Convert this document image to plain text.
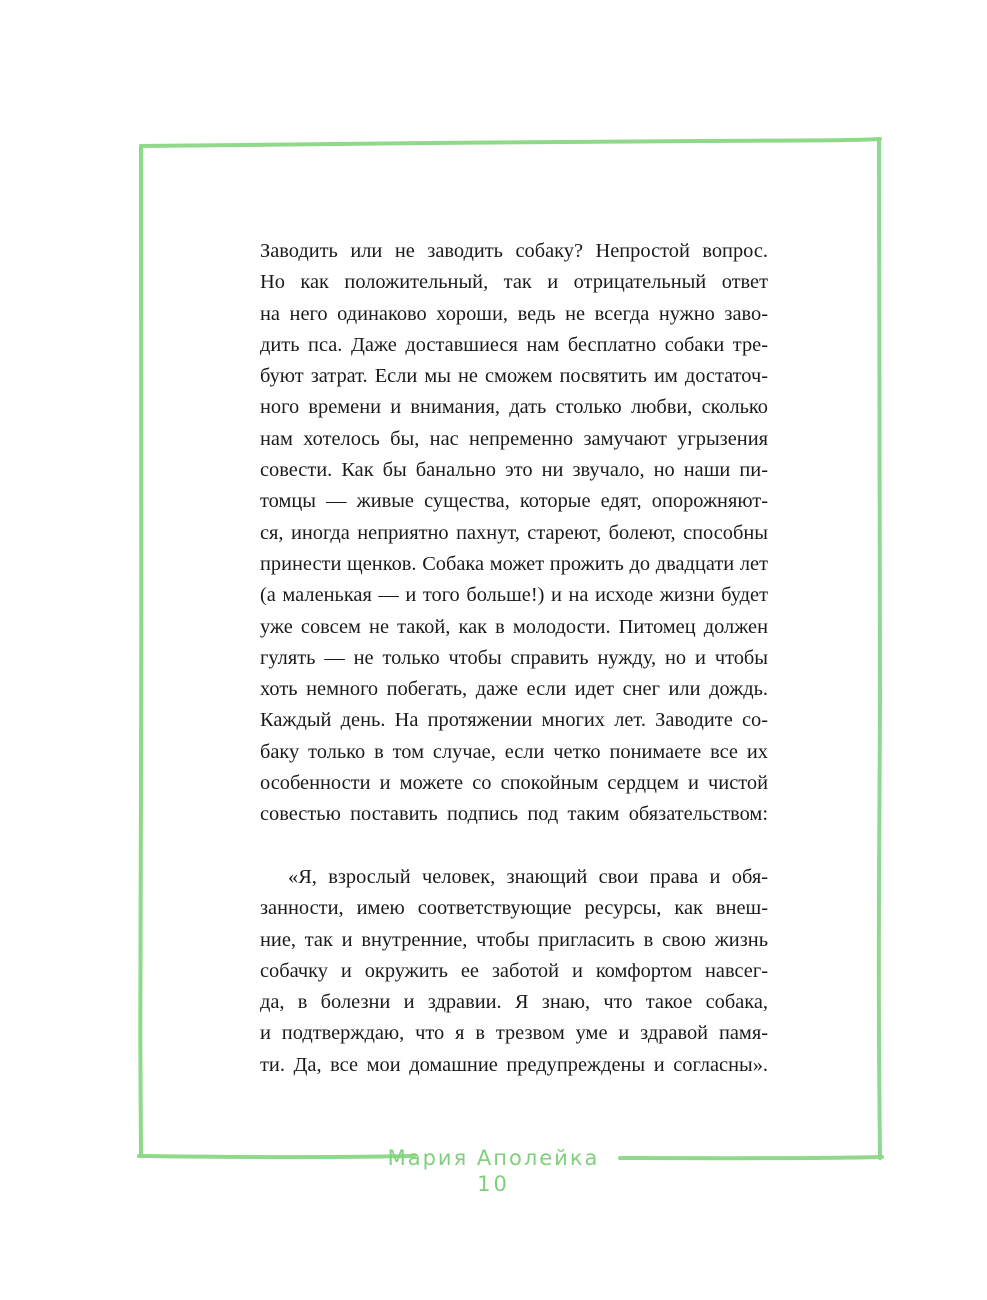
Заводить или не заводить собаку? Непростой вопрос.
Но как положительный, так и отрицательный ответ
на него одинаково хороши, ведь не всегда нужно заво-
дить пса. Даже доставшиеся нам бесплатно собаки тре-
буют затрат. Если мы не сможем посвятить им достаточ-
ного времени и внимания, дать столько любви, сколько
нам хотелось бы, нас непременно замучают угрызения
совести. Как бы банально это ни звучало, но наши пи-
томцы — живые существа, которые едят, опорожняют-
ся, иногда неприятно пахнут, стареют, болеют, способны
принести щенков. Собака может прожить до двадцати лет
(а маленькая — и того больше!) и на исходе жизни будет
уже совсем не такой, как в молодости. Питомец должен
гулять — не только чтобы справить нужду, но и чтобы
хоть немного побегать, даже если идет снег или дождь.
Каждый день. На протяжении многих лет. Заводите со-
баку только в том случае, если четко понимаете все их
особенности и можете со спокойным сердцем и чистой
совестью поставить подпись под таким обязательством:
«Я, взрослый человек, знающий свои права и обя-
занности, имею соответствующие ресурсы, как внеш-
ние, так и внутренние, чтобы пригласить в свою жизнь
собачку и окружить ее заботой и комфортом навсег-
да, в болезни и здравии. Я знаю, что такое собака,
и подтверждаю, что я в трезвом уме и здравой памя-
ти. Да, все мои домашние предупреждены и согласны».
Мария Аполейка
10
